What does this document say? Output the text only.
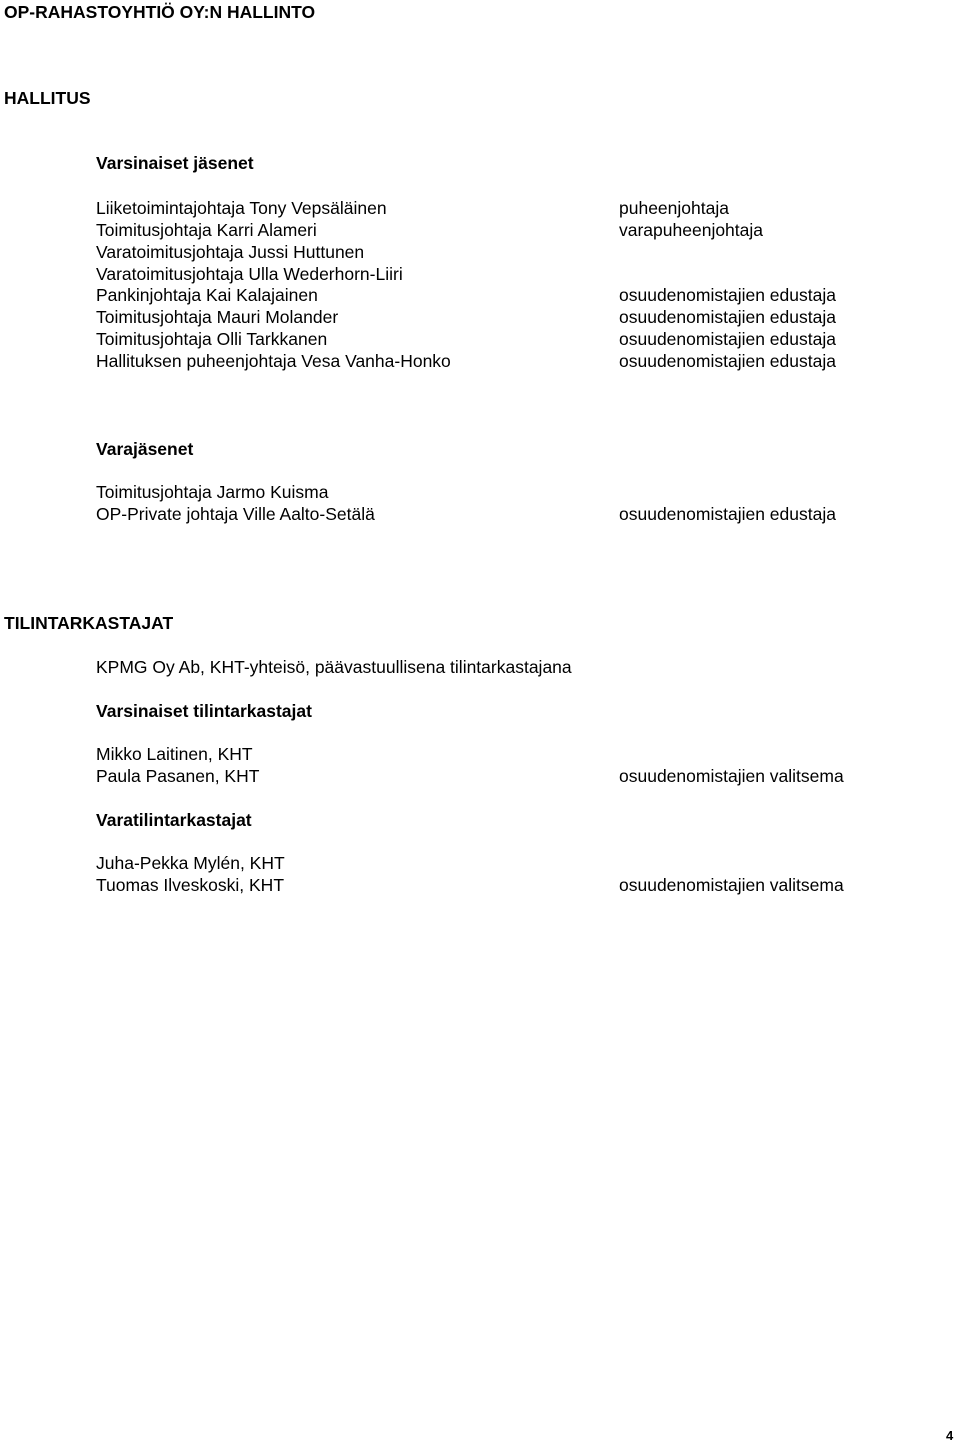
OP-RAHASTOYHTIÖ OY:N HALLINTO
HALLITUS
Varsinaiset jäsenet
Liiketoimintajohtaja Tony Vepsäläinen	puheenjohtaja
Toimitusjohtaja Karri Alameri	varapuheenjohtaja
Varatoimitusjohtaja Jussi Huttunen
Varatoimitusjohtaja Ulla Wederhorn-Liiri
Pankinjohtaja Kai Kalajainen	osuudenomistajien edustaja
Toimitusjohtaja Mauri Molander	osuudenomistajien edustaja
Toimitusjohtaja Olli Tarkkanen	osuudenomistajien edustaja
Hallituksen puheenjohtaja Vesa Vanha-Honko	osuudenomistajien edustaja
Varajäsenet
Toimitusjohtaja Jarmo Kuisma
OP-Private johtaja Ville Aalto-Setälä	osuudenomistajien edustaja
TILINTARKASTAJAT
KPMG Oy Ab, KHT-yhteisö, päävastuullisena tilintarkastajana
Varsinaiset tilintarkastajat
Mikko Laitinen, KHT
Paula Pasanen, KHT	osuudenomistajien valitsema
Varatilintarkastajat
Juha-Pekka Mylén, KHT
Tuomas Ilveskoski, KHT	osuudenomistajien valitsema
4
